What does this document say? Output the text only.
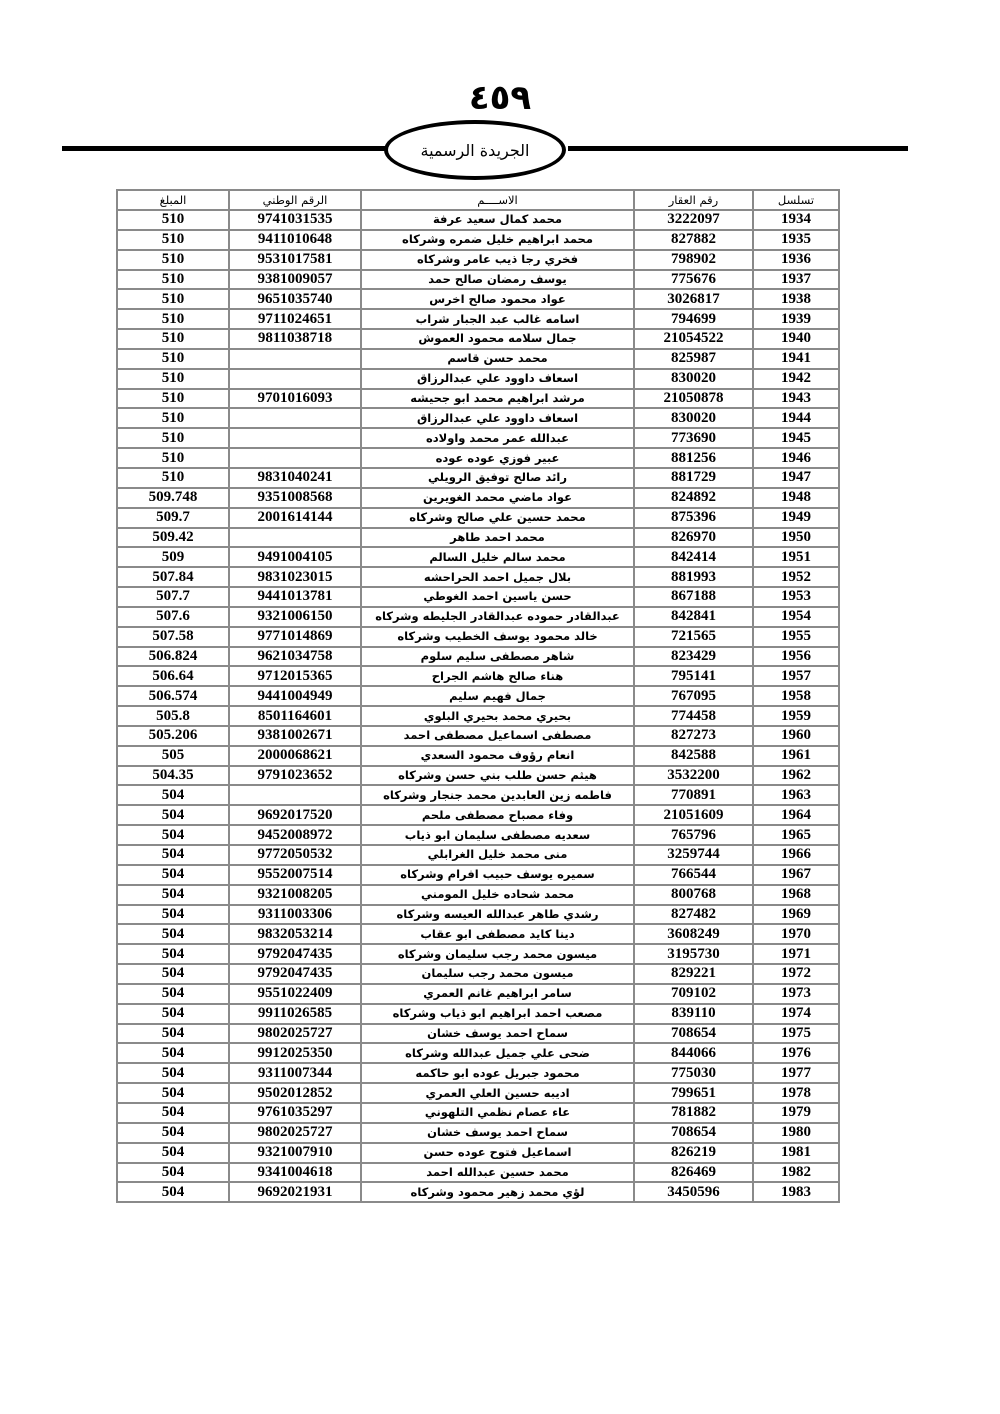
٤٥٩
الجريدة الرسمية
المبلغ	الرقم الوطني	الاســــم	رقم العقار	تسلسل
510	9741031535	محمد كمال سعيد عرفة	3222097	1934
510	9411010648	محمد ابراهيم خليل ضمره وشركاه	827882	1935
510	9531017581	فخري رجا ذيب عامر وشركاه	798902	1936
510	9381009057	يوسف رمضان صالح حمد	775676	1937
510	9651035740	عواد محمود صالح اخرس	3026817	1938
510	9711024651	اسامه غالب عبد الجبار شراب	794699	1939
510	9811038718	جمال سلامه محمود العموش	21054522	1940
510		محمد حسن قاسم	825987	1941
510		اسعاف داوود علي عبدالرزاق	830020	1942
510	9701016093	مرشد ابراهيم محمد ابو جحيشه	21050878	1943
510		اسعاف داوود علي عبدالرزاق	830020	1944
510		عبدالله عمر محمد واولاده	773690	1945
510		عبير فوزي عوده عوده	881256	1946
510	9831040241	رائد صالح توفيق الرويلي	881729	1947
509.748	9351008568	عواد ماضي محمد الغويرين	824892	1948
509.7	2001614144	محمد حسين علي صالح وشركاه	875396	1949
509.42		محمد احمد طاهر	826970	1950
509	9491004105	محمد سالم خليل السالم	842414	1951
507.84	9831023015	بلال جميل احمد الحراحشه	881993	1952
507.7	9441013781	حسن ياسين احمد الغوطي	867188	1953
507.6	9321006150	عبدالقادر حموده عبدالقادر الجليطه وشركاه	842841	1954
507.58	9771014869	خالد محمود يوسف الخطيب وشركاه	721565	1955
506.824	9621034758	شاهر مصطفى سليم سلوم	823429	1956
506.64	9712015365	هناء صالح هاشم الجراح	795141	1957
506.574	9441004949	جمال فهيم سليم	767095	1958
505.8	8501164601	بحيري محمد بحيري البلوي	774458	1959
505.206	9381002671	مصطفى اسماعيل مصطفى احمد	827273	1960
505	2000068621	انعام رؤوف محمود السعدي	842588	1961
504.35	9791023652	هيثم حسن طلب بني حسن وشركاه	3532200	1962
504		فاطمه زين العابدين محمد جنجار وشركاه	770891	1963
504	9692017520	وفاء مصباح مصطفى ملحم	21051609	1964
504	9452008972	سعديه مصطفى سليمان ابو ذياب	765796	1965
504	9772050532	منى محمد خليل الغرابلي	3259744	1966
504	9552007514	سميره يوسف حبيب افرام وشركاه	766544	1967
504	9321008205	محمد شحاده خليل المومني	800768	1968
504	9311003306	رشدي طاهر عبدالله العيسه وشركاه	827482	1969
504	9832053214	دينا كايد مصطفى ابو عقاب	3608249	1970
504	9792047435	ميسون محمد رجب سليمان وشركاه	3195730	1971
504	9792047435	ميسون محمد رجب سليمان	829221	1972
504	9551022409	سامر ابراهيم غانم العمري	709102	1973
504	9911026585	مصعب احمد ابراهيم ابو ذياب وشركاه	839110	1974
504	9802025727	سماح احمد يوسف خشان	708654	1975
504	9912025350	ضحى علي جميل عبدالله وشركاه	844066	1976
504	9311007344	محمود جبريل عوده ابو حاكمه	775030	1977
504	9502012852	اديبه حسين العلي العمري	799651	1978
504	9761035297	عاء عصام نظمي التلهوني	781882	1979
504	9802025727	سماح احمد يوسف خشان	708654	1980
504	9321007910	اسماعيل فتوح عوده حسن	826219	1981
504	9341004618	محمد حسين عبدالله احمد	826469	1982
504	9692021931	لؤي محمد زهير محمود وشركاه	3450596	1983
